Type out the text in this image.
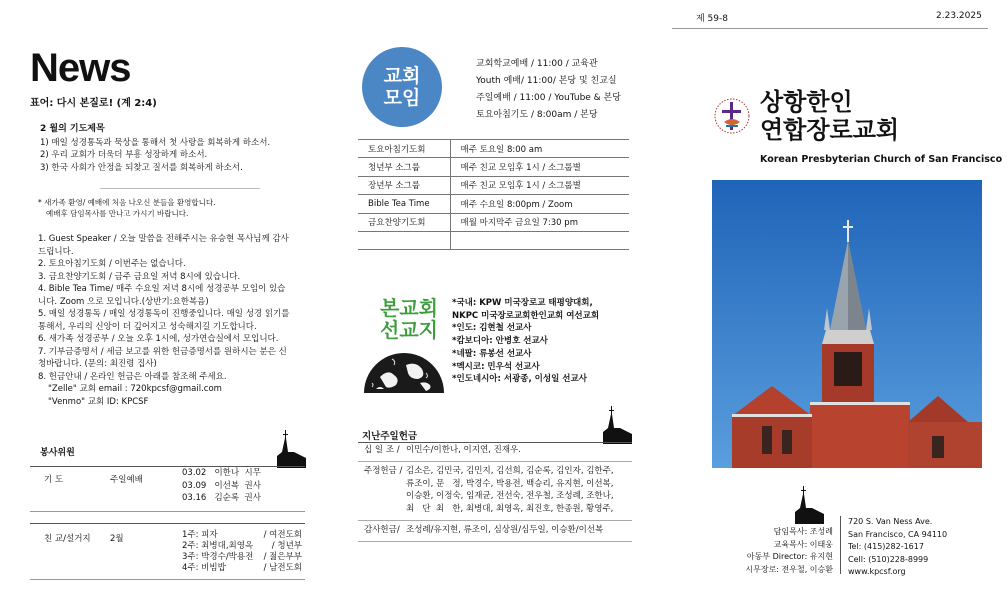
제 59-8	2.23.2025
News
표어: 다시 본질로! (계 2:4)
2 월의 기도제목
1) 매일 성경통독과 묵상을 통해서 첫 사랑을 회복하게 하소서.
2) 우리 교회가 더욱더 부흥 성장하게 하소서.
3) 한국 사회가 안정을 되찾고 질서를 회복하게 하소서.
* 새가족 환영/ 예배에 처음 나오신 분들을 환영합니다.
예배후 담임목사를 만나고 가시기 바랍니다.
1. Guest Speaker / 오늘 말씀을 전해주시는 유승현 목사님께 감사
드립니다.
2. 토요아침기도회 / 이번주는 없습니다.
3. 금요찬양기도회 / 금주 금요일 저녁 8시에 있습니다.
4. Bible Tea Time/ 매주 수요일 저녁 8시에 성경공부 모임이 있습
니다. Zoom 으로 모입니다.(상반기:요한복음)
5. 매일 성경통독 / 매일 성경통독이 진행중입니다. 매일 성경 읽기를
통해서, 우리의 신앙이 더 깊어지고 성숙해지길 기도합니다.
6. 새가족 성경공부 / 오늘 오후 1시에, 성가연습실에서 모입니다.
7. 기부금증명서 / 세금 보고를 위한 헌금증명서를 원하시는 분은 신
청바랍니다. (문의: 최진령 집사)
8. 헌금안내 / 온라인 헌금은 아래를 참조해 주세요.
"Zelle" 교회 email : 720kpcsf@gmail.com
"Venmo" 교회 ID: KPCSF
봉사위원
기 도	주일예배
03.02   이한나  시무
03.09   이선복  권사
03.16   김순록  권사
친 교/설거지 2월	1주: 피자	/ 여전도회
2주: 최병대,최영옥 / 청년부
3주: 박경수/박용전 / 젊은부부
4주: 비빔밥	/ 남전도회
교회
모임
교회학교예배 / 11:00 / 교육관
Youth 예배/ 11:00/ 본당 및 친교실
주일예배 / 11:00 / YouTube & 본당
토요아침기도 / 8:00am / 본당
토요아침기도회	매주 토요일 8:00 am
청년부 소그룹	매주 친교 모임후 1시 / 소그룹별
장년부 소그룹	매주 친교 모임후 1시 / 소그룹별
Bible Tea Time	매주 수요일 8:00pm / Zoom
금요찬양기도회	매월 마지막주 금요일 7:30 pm

본교회
선교지
*국내: KPW 미국장로교 태평양대회,
NKPC 미국장로교회한인교회 여선교회
*인도: 김현철 선교사
*캄보디아: 안병호 선교사
*네팔: 류봉선 선교사
*멕시코: 민우석 선교사
*인도네시아: 서광종, 이성일 선교사
지난주일헌금
십 일 조 / 이민수/이한나, 이지연, 진재우.
주정헌금 / 김소은, 김민국, 김민지, 김선희, 김순록, 김인자, 김한주,
류조이, 문   정, 박경수, 박용전, 백승리, 유지현, 이선복,
이승환, 이정숙, 임재균, 전선숙, 전우철, 조성례, 조한나,
최   단  최   한, 최병대, 최영옥, 최진호, 한종원, 황영주,
감사헌금/ 조성례/유지현, 류조이, 심상원/심두일, 이승환/이선복
상항한인
연합장로교회
Korean Presbyterian Church of San Francisco
담임목사: 조성례
교육목사: 이태웅
아동부 Director: 유지현
시무장로: 전우철, 이승환
720 S. Van Ness Ave.
San Francisco, CA 94110
Tel: (415)282-1617
Cell: (510)228-8999
www.kpcsf.org
